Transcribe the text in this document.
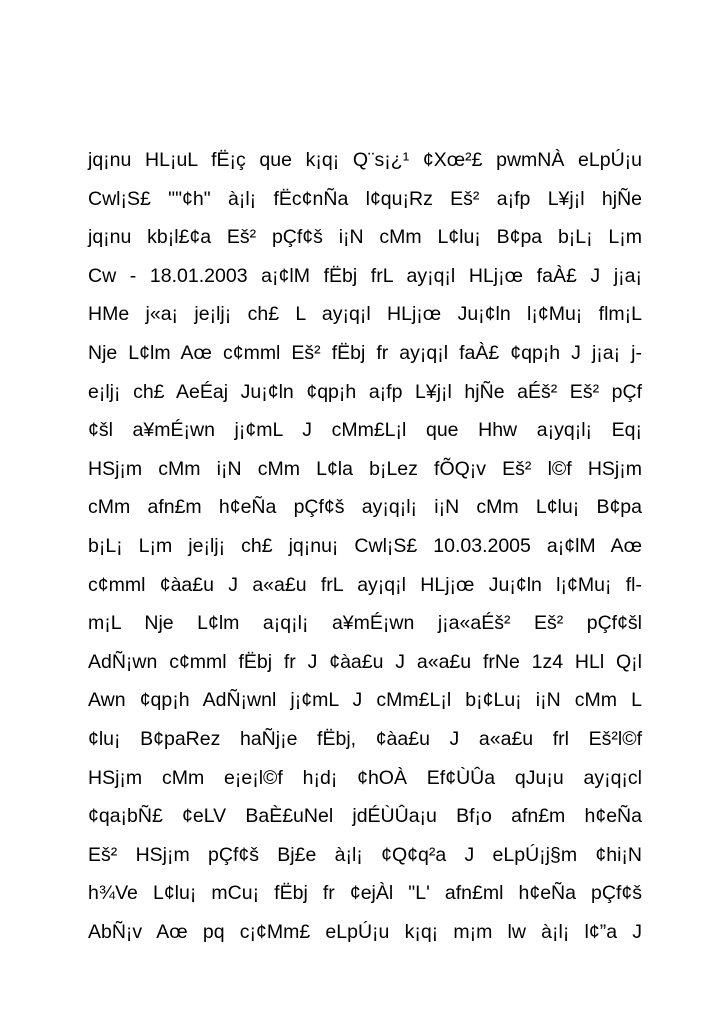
jq¡nu HL¡uL fË¡ç que k¡q¡ Q¨s¡¿¹ ¢Xœ²£ pwmNÀ eLpÚ¡u
Cwl¡S£ ""¢h" à¡l¡ fËc¢nÑa l¢qu¡Rz Eš² a¡fp L¥j¡l hjÑe
jq¡nu kb¡l£¢a Eš² pÇf¢š i¡N cMm L¢lu¡ B¢pa b¡L¡ L¡m
Cw - 18.01.2003 a¡¢lM fËbj frL ay¡q¡l HLj¡œ faÀ£ J j¡a¡
HMe j«a¡ je¡lj¡ ch£ L ay¡q¡l HLj¡œ Ju¡¢ln l¡¢Mu¡ flm¡L
Nje L¢lm Aœ c¢mml Eš² fËbj fr ay¡q¡l faÀ£ ¢qp¡h J j¡a¡ j-
e¡lj¡ ch£ AeÉaj Ju¡¢ln ¢qp¡h a¡fp L¥j¡l hjÑe aÉš² Eš² pÇf
¢šl a¥mÉ¡wn j¡¢mL J cMm£L¡l que Hhw a¡yq¡l¡ Eq¡
HSj¡m cMm i¡N cMm L¢la b¡Lez fÕQ¡v Eš² l©f HSj¡m
cMm afn£m h¢eÑa pÇf¢š ay¡q¡l¡ i¡N cMm L¢lu¡ B¢pa
b¡L¡ L¡m je¡lj¡ ch£ jq¡nu¡ Cwl¡S£ 10.03.2005 a¡¢lM Aœ
c¢mml ¢àa£u J a«a£u frL ay¡q¡l HLj¡œ Ju¡¢ln l¡¢Mu¡ fl-
m¡L Nje L¢lm a¡q¡l¡ a¥mÉ¡wn j¡a«aÉš² Eš² pÇf¢šl
AdÑ¡wn c¢mml fËbj fr J ¢àa£u J a«a£u frNe 1z4 HLl Q¡l
Awn ¢qp¡h AdÑ¡wnl j¡¢mL J cMm£L¡l b¡¢Lu¡ i¡N cMm L
¢lu¡ B¢paRez haÑj¡e fËbj, ¢àa£u J a«a£u frl Eš²l©f
HSj¡m cMm e¡e¡l©f h¡d¡ ¢hOÀ Ef¢ÙÛa qJu¡u ay¡q¡cl
¢qa¡bÑ£ ¢eLV BaÈ£uNel jdÉÙÛa¡u Bf¡o afn£m h¢eÑa
Eš² HSj¡m pÇf¢š Bj£e à¡l¡ ¢Q¢q²a J eLpÚ¡j§m ¢hi¡N
h¾Ve L¢lu¡ mCu¡ fËbj fr ¢ejÀl "L' afn£ml h¢eÑa pÇf¢š
AbÑ¡v Aœ pq c¡¢Mm£ eLpÚ¡u k¡q¡ m¡m lw à¡l¡ l¢”a J
